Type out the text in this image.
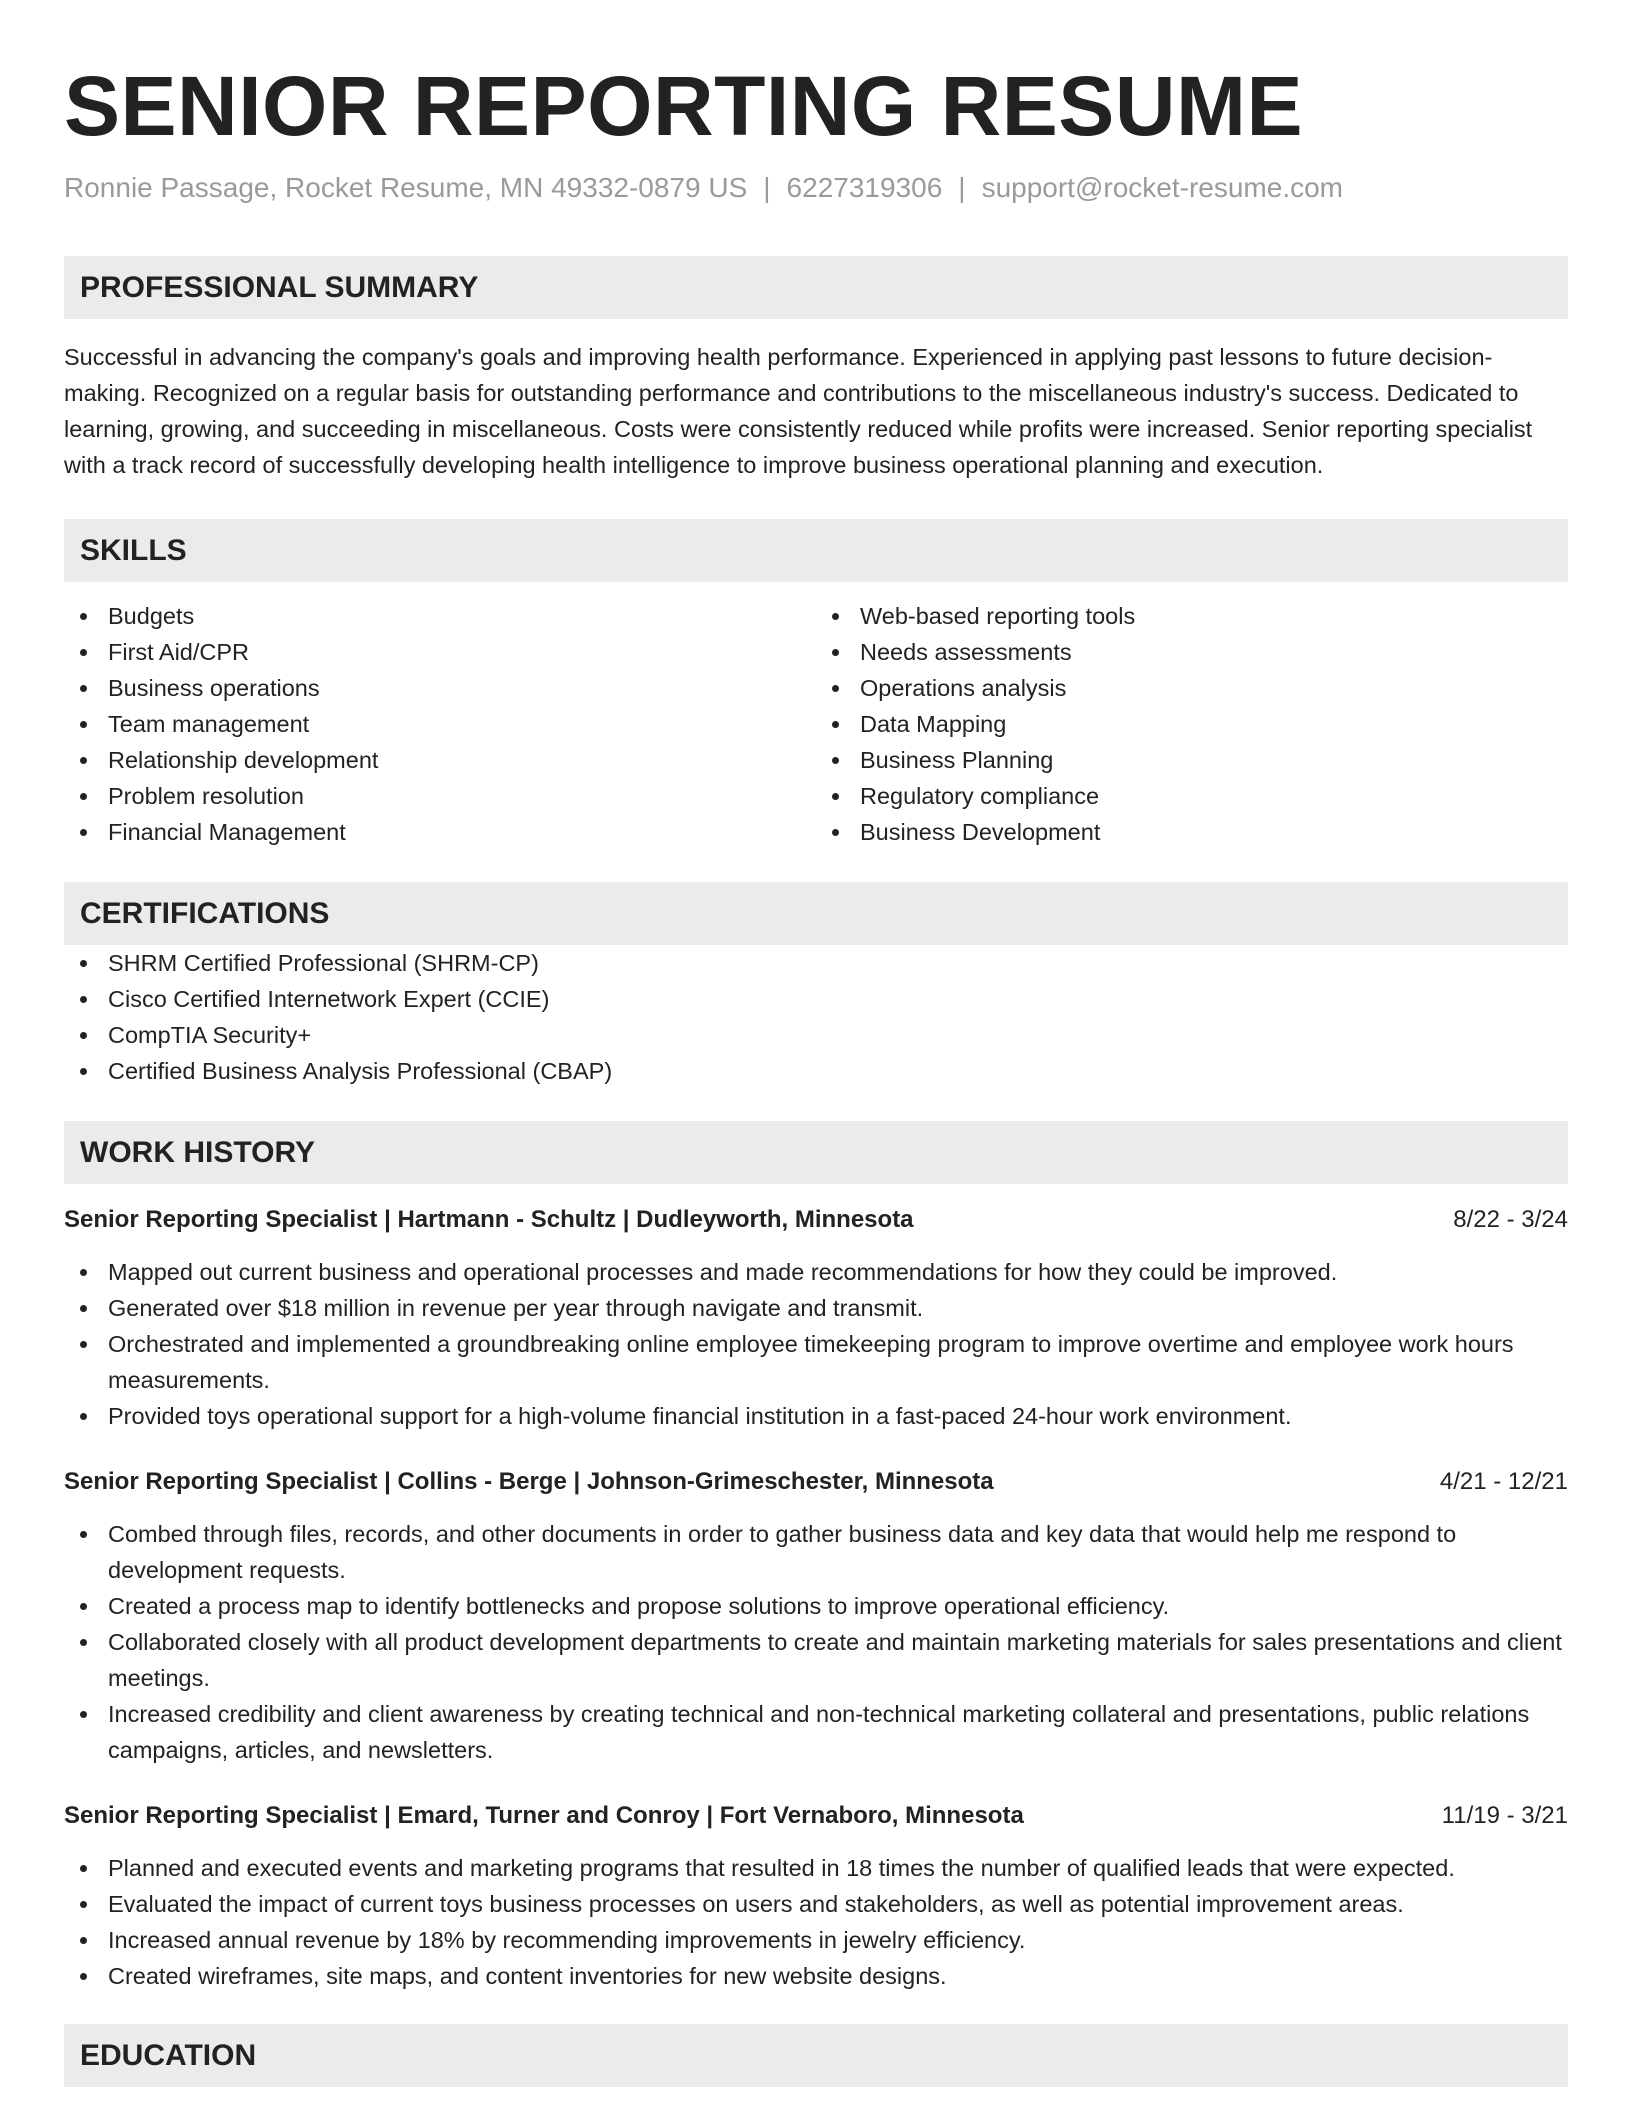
SENIOR REPORTING RESUME
Ronnie Passage, Rocket Resume, MN 49332-0879 US | 6227319306 | support@rocket-resume.com
PROFESSIONAL SUMMARY

Successful in advancing the company's goals and improving health performance. Experienced in applying past lessons to future decision-making. Recognized on a regular basis for outstanding performance and contributions to the miscellaneous industry's success. Dedicated to learning, growing, and succeeding in miscellaneous. Costs were consistently reduced while profits were increased. Senior reporting specialist with a track record of successfully developing health intelligence to improve business operational planning and execution.

SKILLS
Budgets
First Aid/CPR
Business operations
Team management
Relationship development
Problem resolution
Financial Management
Web-based reporting tools
Needs assessments
Operations analysis
Data Mapping
Business Planning
Regulatory compliance
Business Development
CERTIFICATIONS
SHRM Certified Professional (SHRM-CP)
Cisco Certified Internetwork Expert (CCIE)
CompTIA Security+
Certified Business Analysis Professional (CBAP)
WORK HISTORY
Senior Reporting Specialist | Hartmann - Schultz | Dudleyworth, Minnesota	8/22 - 3/24
Mapped out current business and operational processes and made recommendations for how they could be improved.
Generated over $18 million in revenue per year through navigate and transmit.
Orchestrated and implemented a groundbreaking online employee timekeeping program to improve overtime and employee work hours measurements.
Provided toys operational support for a high-volume financial institution in a fast-paced 24-hour work environment.
Senior Reporting Specialist | Collins - Berge | Johnson-Grimeschester, Minnesota	4/21 - 12/21
Combed through files, records, and other documents in order to gather business data and key data that would help me respond to development requests.
Created a process map to identify bottlenecks and propose solutions to improve operational efficiency.
Collaborated closely with all product development departments to create and maintain marketing materials for sales presentations and client meetings.
Increased credibility and client awareness by creating technical and non-technical marketing collateral and presentations, public relations campaigns, articles, and newsletters.
Senior Reporting Specialist | Emard, Turner and Conroy | Fort Vernaboro, Minnesota	11/19 - 3/21
Planned and executed events and marketing programs that resulted in 18 times the number of qualified leads that were expected.
Evaluated the impact of current toys business processes on users and stakeholders, as well as potential improvement areas.
Increased annual revenue by 18% by recommending improvements in jewelry efficiency.
Created wireframes, site maps, and content inventories for new website designs.
EDUCATION
